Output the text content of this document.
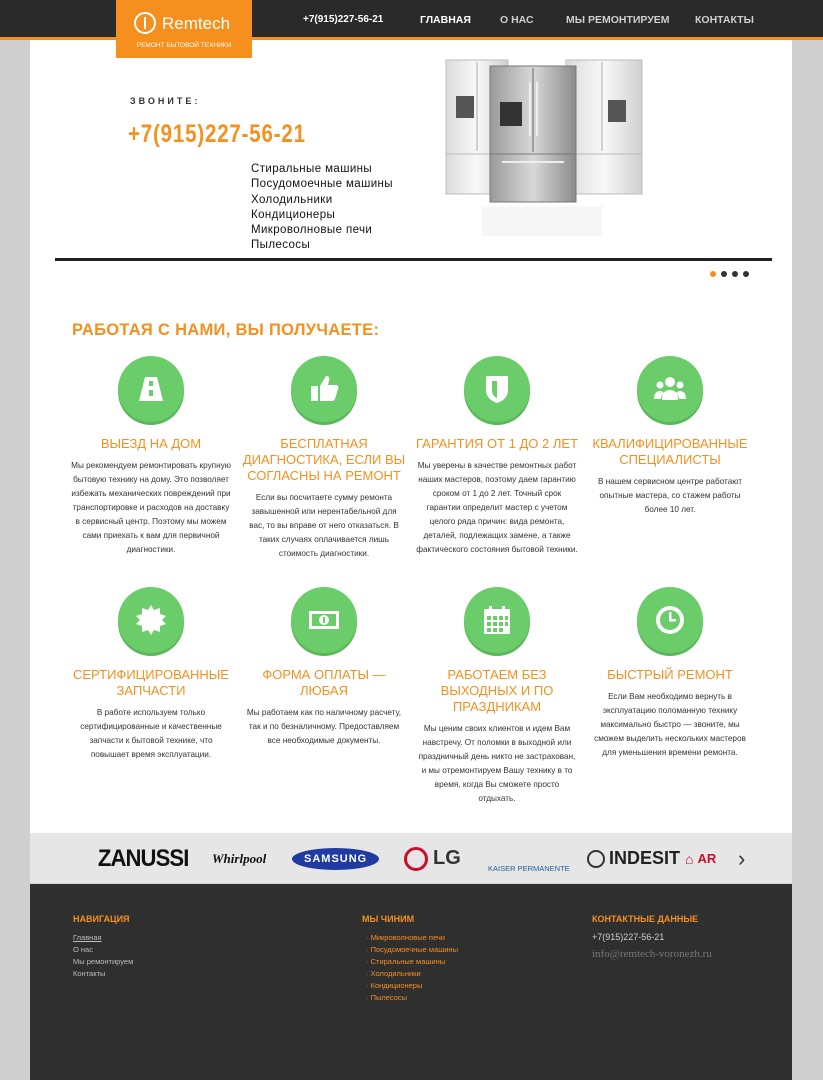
Remtech
РЕМОНТ БЫТОВОЙ ТЕХНИКИ
+7(915)227-56-21	ГЛАВНАЯ	О НАС	МЫ РЕМОНТИРУЕМ КОНТАКТЫ
ЗВОНИТЕ:
+7(915)227-56-21
Стиральные машины
Посудомоечные машины
Холодильники
Кондиционеры
Микроволновые печи
Пылесосы
РАБОТАЯ С НАМИ, ВЫ ПОЛУЧАЕТЕ:
ВЫЕЗД НА ДОМ
Мы рекомендуем ремонтировать крупную бытовую технику на дому. Это позволяет избежать механических повреждений при транспортировке и расходов на доставку в сервисный центр. Поэтому мы можем сами приехать к вам для первичной диагностики.
БЕСПЛАТНАЯ ДИАГНОСТИКА, ЕСЛИ ВЫ СОГЛАСНЫ НА РЕМОНТ
Если вы посчитаете сумму ремонта завышенной или нерентабельной для вас, то вы вправе от него отказаться. В таких случаях оплачивается лишь стоимость диагностики.
ГАРАНТИЯ ОТ 1 ДО 2 ЛЕТ
Мы уверены в качестве ремонтных работ наших мастеров, поэтому даем гарантию сроком от 1 до 2 лет. Точный срок гарантии определит мастер с учетом целого ряда причин: вида ремонта, деталей, подлежащих замене, а также фактического состояния бытовой техники.
КВАЛИФИЦИРОВАННЫЕ СПЕЦИАЛИСТЫ
В нашем сервисном центре работают опытные мастера, со стажем работы более 10 лет.
СЕРТИФИЦИРОВАННЫЕ ЗАПЧАСТИ
В работе используем только сертифицированные и качественные запчасти к бытовой технике, что повышает время эксплуатации.
ФОРМА ОПЛАТЫ — ЛЮБАЯ
Мы работаем как по наличному расчету, так и по безналичному. Предоставляем все необходимые документы.
РАБОТАЕМ БЕЗ ВЫХОДНЫХ И ПО ПРАЗДНИКАМ
Мы ценим своих клиентов и идем Вам навстречу. От поломки в выходной или праздничный день никто не застрахован, и мы отремонтируем Вашу технику в то время, когда Вы сможете просто отдыхать.
БЫСТРЫЙ РЕМОНТ
Если Вам необходимо вернуть в эксплуатацию поломанную технику максимально быстро — звоните, мы сможем выделить нескольких мастеров для уменьшения времени ремонта.
ZANUSSI Whirlpool	SAMSUNG	LG	KAISER PERMANENTE
INDESIT ⌂ AR ›
НАВИГАЦИЯ
Главная
О нас
Мы ремонтируем
Контакты
МЫ ЧИНИМ
· Микроволновые печи
· Посудомоечные машины
· Стиральные машины
· Холодильники
· Кондиционеры
· Пылесосы
КОНТАКТНЫЕ ДАННЫЕ
+7(915)227-56-21
info@remtech-voronezh.ru
